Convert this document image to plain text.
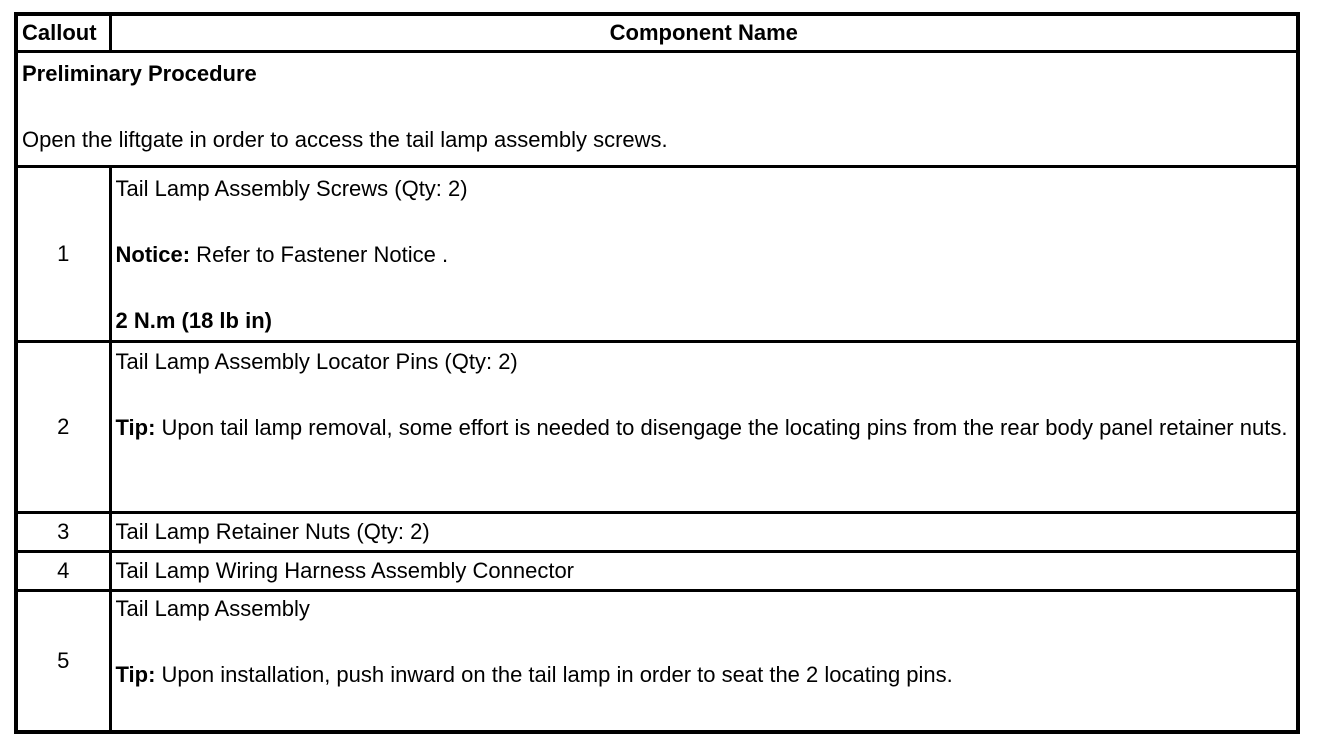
Callout	Component Name

Preliminary Procedure
Open the liftgate in order to access the tail lamp assembly screws.	

1	Tail Lamp Assembly Screws (Qty: 2)
Notice: Refer to Fastener Notice .
2 N.m (18 lb in)

2	Tail Lamp Assembly Locator Pins (Qty: 2)
Tip: Upon tail lamp removal, some effort is needed to disengage the locating pins from the rear body panel retainer nuts.

3	Tail Lamp Retainer Nuts (Qty: 2)
4	Tail Lamp Wiring Harness Assembly Connector
5	Tail Lamp Assembly
Tip: Upon installation, push inward on the tail lamp in order to seat the 2 locating pins.
